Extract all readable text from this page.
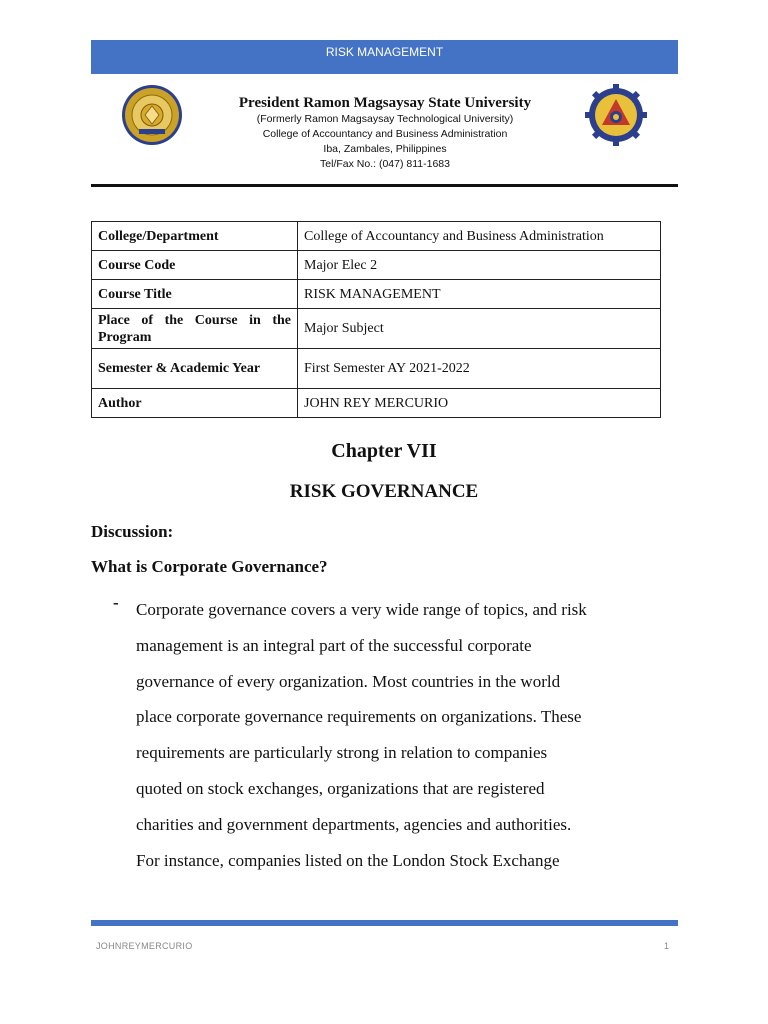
RISK MANAGEMENT
President Ramon Magsaysay State University
(Formerly Ramon Magsaysay Technological University)
College of Accountancy and Business Administration
Iba, Zambales, Philippines
Tel/Fax No.: (047) 811-1683
College/Department	College of Accountancy and Business Administration
Course Code	Major Elec 2
Course Title	RISK MANAGEMENT
Place of the Course in the Program	Major Subject
Semester & Academic Year	First Semester AY 2021-2022
Author	JOHN REY MERCURIO
Chapter VII
RISK GOVERNANCE
Discussion:
What is Corporate Governance?
- Corporate governance covers a very wide range of topics, and risk
management is an integral part of the successful corporate
governance of every organization. Most countries in the world
place corporate governance requirements on organizations. These
requirements are particularly strong in relation to companies
quoted on stock exchanges, organizations that are registered
charities and government departments, agencies and authorities.
For instance, companies listed on the London Stock Exchange
JOHNREYMERCURIO	1
